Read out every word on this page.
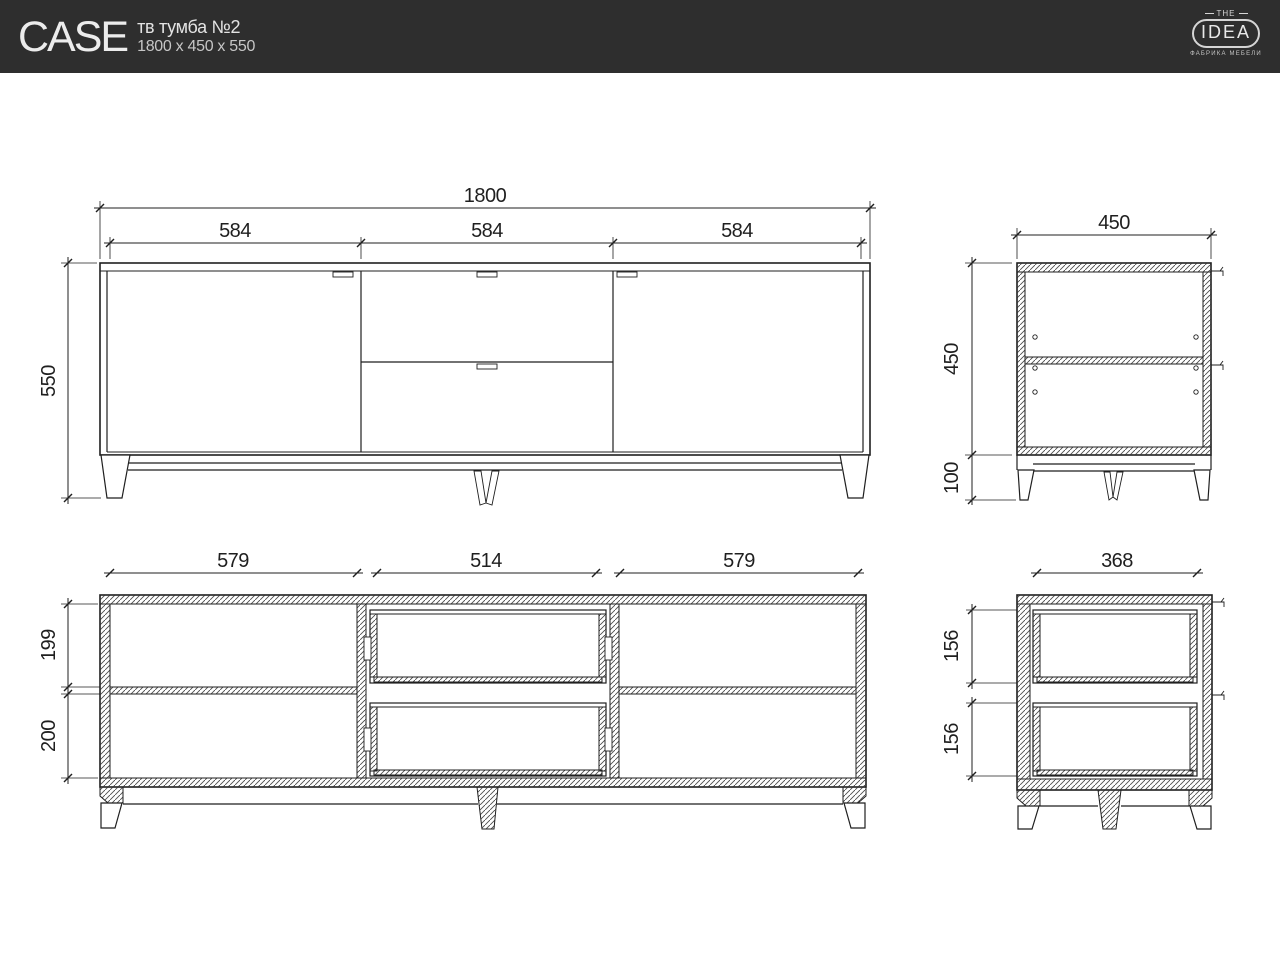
CASE тв тумба №2
1800 x 450 x 550
THE
IDEA
ФАБРИКА МЕБЕЛИ
1800
584	584	584
550
450
450
100
579	514	579
199
200
368
156
156
